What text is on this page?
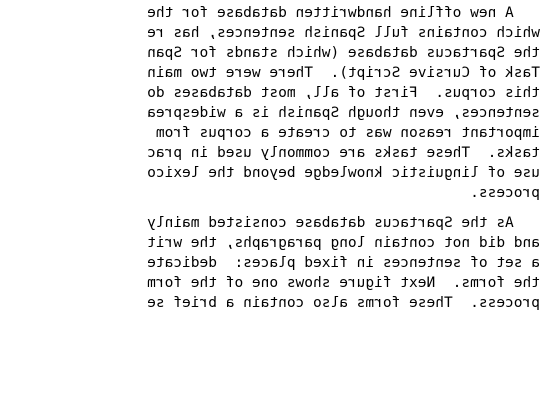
A new offline handwritten database for the
which contains full Spanish sentences, has re
the Spartacus database (which stands for Span
Task of Cursive Script).  There were two main
this corpus.  First of all, most databases do
sentences, even though Spanish is a widesprea
important reason was to create a corpus from
tasks.  These tasks are commonly used in prac
use of linguistic knowledge beyond the lexico
process.
As the Spartacus database consisted mainly
and did not contain long paragraphs, the writ
a set of sentences in fixed places:  dedicate
the forms.  Next figure shows one of the form
process.  These forms also contain a brief se
